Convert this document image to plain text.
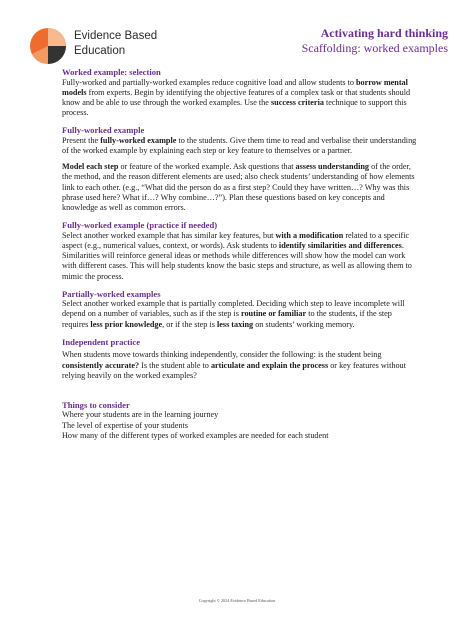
Evidence Based
Education
Activating hard thinking
Scaffolding: worked examples
Worked example: selection

Fully-worked and partially-worked examples reduce cognitive load and allow students to borrow mental models from experts. Begin by identifying the objective features of a complex task or that students should know and be able to use through the worked examples. Use the success criteria technique to support this process.

Fully-worked example

Present the fully-worked example to the students. Give them time to read and verbalise their understanding of the worked example by explaining each step or key feature to themselves or a partner.

Model each step or feature of the worked example. Ask questions that assess understanding of the order, the method, and the reason different elements are used; also check students’ understanding of how elements link to each other. (e.g., “What did the person do as a first step? Could they have written…? Why was this phrase used here? What if…? Why combine…?”). Plan these questions based on key concepts and knowledge as well as common errors.

Fully-worked example (practice if needed)

Select another worked example that has similar key features, but with a modification related to a specific aspect (e.g., numerical values, context, or words). Ask students to identify similarities and differences. Similarities will reinforce general ideas or methods while differences will show how the model can work with different cases. This will help students know the basic steps and structure, as well as allowing them to mimic the process.

Partially-worked examples

Select another worked example that is partially completed. Deciding which step to leave incomplete will depend on a number of variables, such as if the step is routine or familiar to the students, if the step requires less prior knowledge, or if the step is less taxing on students’ working memory.

Independent practice

When students move towards thinking independently, consider the following: is the student being consistently accurate? Is the student able to articulate and explain the process or key features without relying heavily on the worked examples?

Things to consider

Where your students are in the learning journey

The level of expertise of your students

How many of the different types of worked examples are needed for each student

Copyright © 2024 Evidence Based Education
